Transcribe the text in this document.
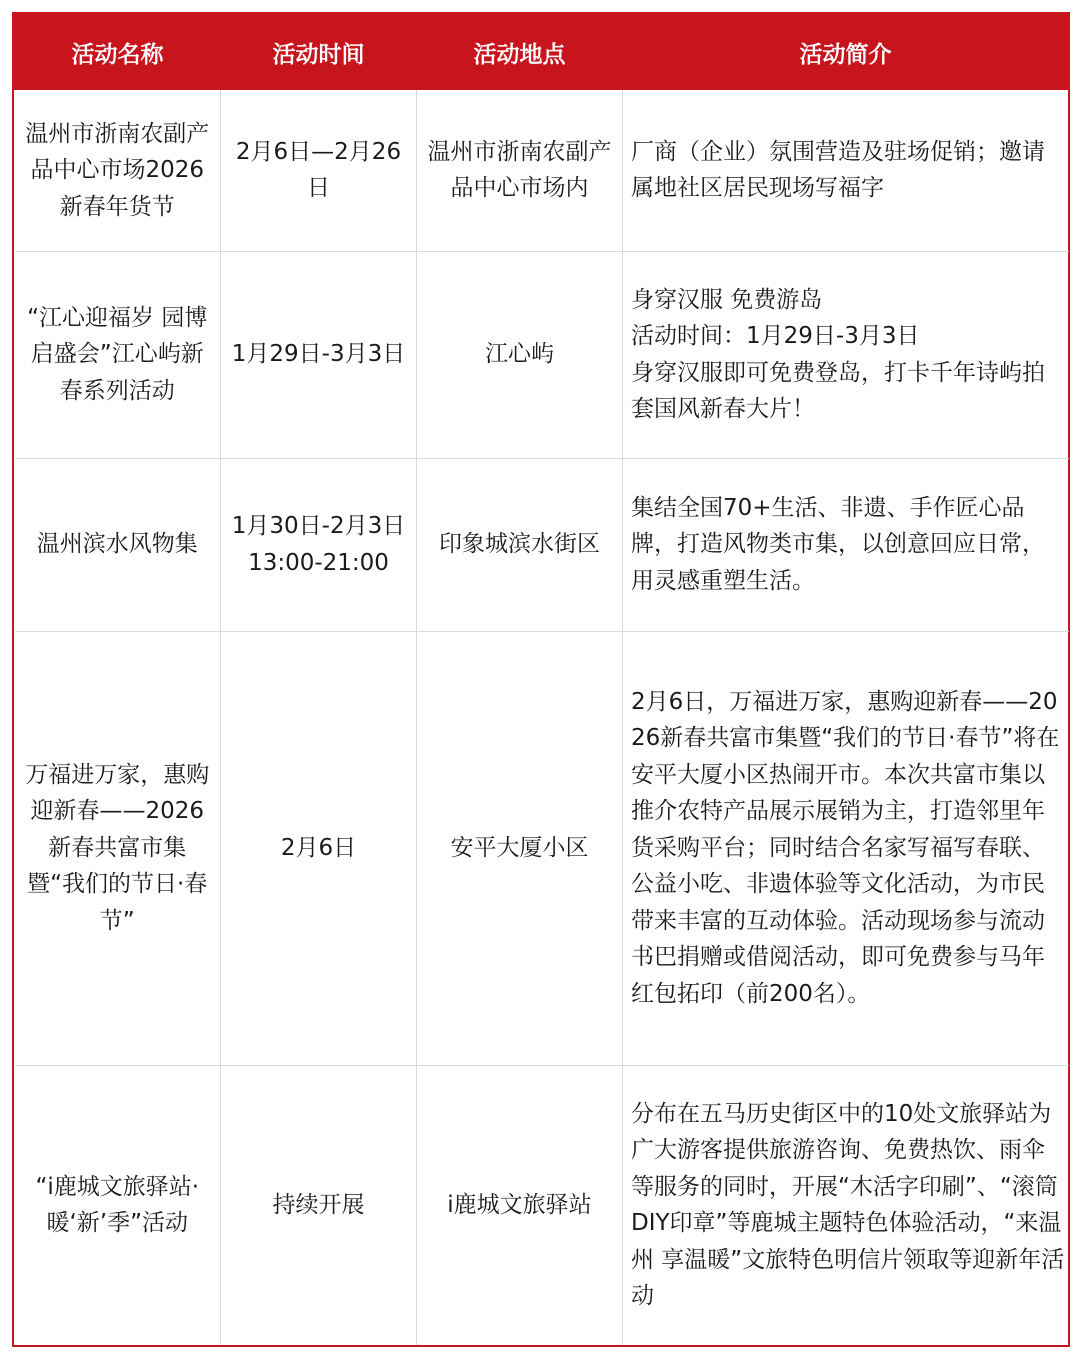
活动名称	活动时间	活动地点	活动简介
温州市浙南农副产品中心市场2026新春年货节	2月6日—2月26日	温州市浙南农副产品中心市场内	厂商（企业）氛围营造及驻场促销；邀请属地社区居民现场写福字

“江心迎福岁 园博启盛会”江心屿新春系列活动	1月29日-3月3日	江心屿	身穿汉服 免费游岛
活动时间：1月29日-3月3日
身穿汉服即可免费登岛，打卡千年诗屿拍套国风新春大片！

温州滨水风物集	1月30日-2月3日 13:00-21:00	印象城滨水街区	集结全国70+生活、非遗、手作匠心品牌，打造风物类市集，以创意回应日常，用灵感重塑生活。

万福进万家，惠购迎新春——2026新春共富市集暨“我们的节日·春节”	2月6日	安平大厦小区	2月6日，万福进万家，惠购迎新春——2026新春共富市集暨“我们的节日·春节”将在安平大厦小区热闹开市。本次共富市集以推介农特产品展示展销为主，打造邻里年货采购平台；同时结合名家写福写春联、公益小吃、非遗体验等文化活动，为市民带来丰富的互动体验。活动现场参与流动书巴捐赠或借阅活动，即可免费参与马年红包拓印（前200名）。

“i鹿城文旅驿站·暖‘新’季”活动	持续开展	i鹿城文旅驿站	分布在五马历史街区中的10处文旅驿站为广大游客提供旅游咨询、免费热饮、雨伞等服务的同时，开展“木活字印刷”、“滚筒DIY印章”等鹿城主题特色体验活动，“来温州 享温暖”文旅特色明信片领取等迎新年活动
